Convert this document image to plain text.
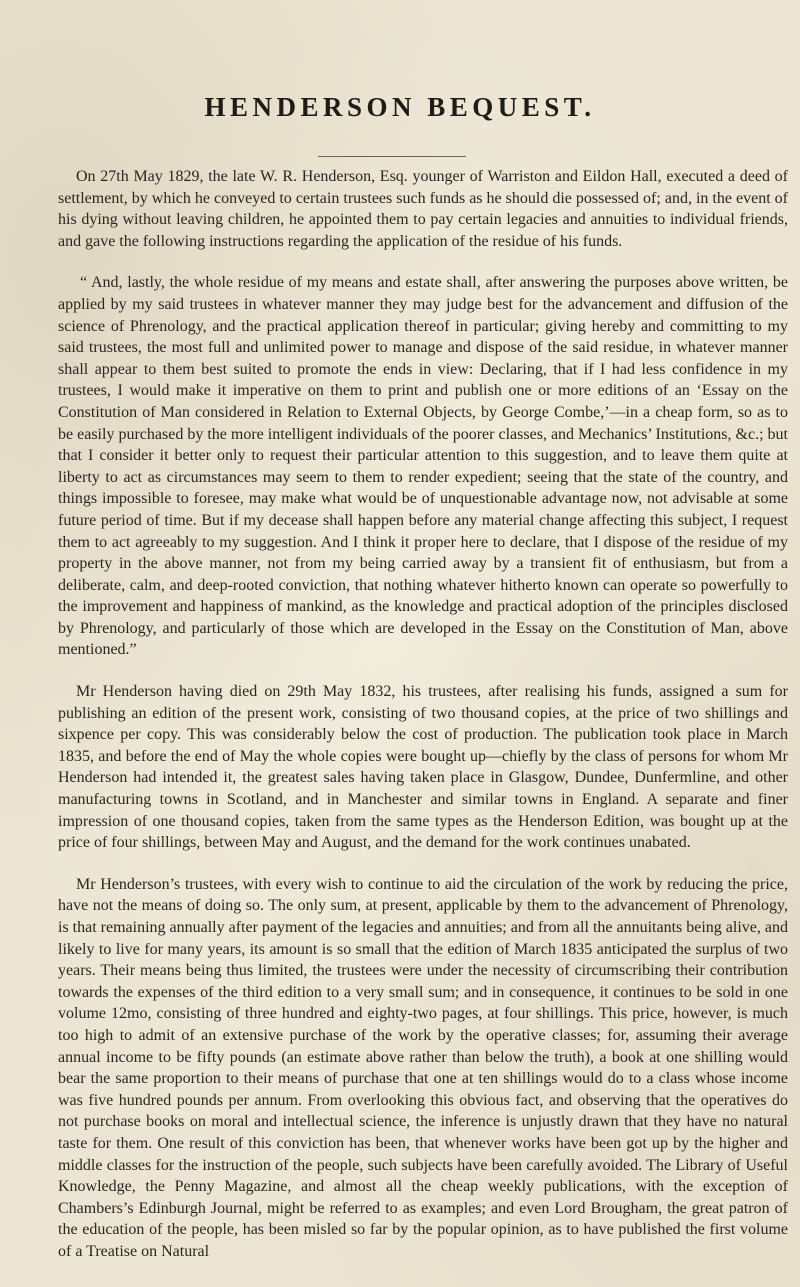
HENDERSON BEQUEST.

On 27th May 1829, the late W. R. Henderson, Esq. younger of Warriston and Eildon Hall, executed a deed of settlement, by which he conveyed to certain trustees such funds as he should die possessed of; and, in the event of his dying without leaving children, he appointed them to pay certain legacies and annuities to individual friends, and gave the following instructions regarding the application of the residue of his funds.

“ And, lastly, the whole residue of my means and estate shall, after answering the purposes above written, be applied by my said trustees in whatever manner they may judge best for the advancement and diffusion of the science of Phrenology, and the practical application thereof in particular; giving hereby and committing to my said trustees, the most full and unlimited power to manage and dispose of the said residue, in whatever manner shall appear to them best suited to promote the ends in view: Declaring, that if I had less confidence in my trustees, I would make it imperative on them to print and publish one or more editions of an ‘Essay on the Constitution of Man considered in Relation to External Objects, by George Combe,’—in a cheap form, so as to be easily purchased by the more intelligent individuals of the poorer classes, and Mechanics’ Institutions, &c.; but that I consider it better only to request their particular attention to this suggestion, and to leave them quite at liberty to act as circumstances may seem to them to render expedient; seeing that the state of the country, and things impossible to foresee, may make what would be of unquestionable advantage now, not advisable at some future period of time. But if my decease shall happen before any material change affecting this subject, I request them to act agreeably to my suggestion. And I think it proper here to declare, that I dispose of the residue of my property in the above manner, not from my being carried away by a transient fit of enthusiasm, but from a deliberate, calm, and deep-rooted conviction, that nothing whatever hitherto known can operate so powerfully to the improvement and happiness of mankind, as the knowledge and practical adoption of the principles disclosed by Phrenology, and particularly of those which are developed in the Essay on the Constitution of Man, above mentioned.”

Mr Henderson having died on 29th May 1832, his trustees, after realising his funds, assigned a sum for publishing an edition of the present work, consisting of two thousand copies, at the price of two shillings and sixpence per copy. This was considerably below the cost of production. The publication took place in March 1835, and before the end of May the whole copies were bought up—chiefly by the class of persons for whom Mr Henderson had intended it, the greatest sales having taken place in Glasgow, Dundee, Dunfermline, and other manufacturing towns in Scotland, and in Manchester and similar towns in England. A separate and finer impression of one thousand copies, taken from the same types as the Henderson Edition, was bought up at the price of four shillings, between May and August, and the demand for the work continues unabated.

Mr Henderson’s trustees, with every wish to continue to aid the circulation of the work by reducing the price, have not the means of doing so. The only sum, at present, applicable by them to the advancement of Phrenology, is that remaining annually after payment of the legacies and annuities; and from all the annuitants being alive, and likely to live for many years, its amount is so small that the edition of March 1835 anticipated the surplus of two years. Their means being thus limited, the trustees were under the necessity of circumscribing their contribution towards the expenses of the third edition to a very small sum; and in consequence, it continues to be sold in one volume 12mo, consisting of three hundred and eighty-two pages, at four shillings. This price, however, is much too high to admit of an extensive purchase of the work by the operative classes; for, assuming their average annual income to be fifty pounds (an estimate above rather than below the truth), a book at one shilling would bear the same proportion to their means of purchase that one at ten shillings would do to a class whose income was five hundred pounds per annum. From overlooking this obvious fact, and observing that the operatives do not purchase books on moral and intellectual science, the inference is unjustly drawn that they have no natural taste for them. One result of this conviction has been, that whenever works have been got up by the higher and middle classes for the instruction of the people, such subjects have been carefully avoided. The Library of Useful Knowledge, the Penny Magazine, and almost all the cheap weekly publications, with the exception of Chambers’s Edinburgh Journal, might be referred to as examples; and even Lord Brougham, the great patron of the education of the people, has been misled so far by the popular opinion, as to have published the first volume of a Treatise on Natural
